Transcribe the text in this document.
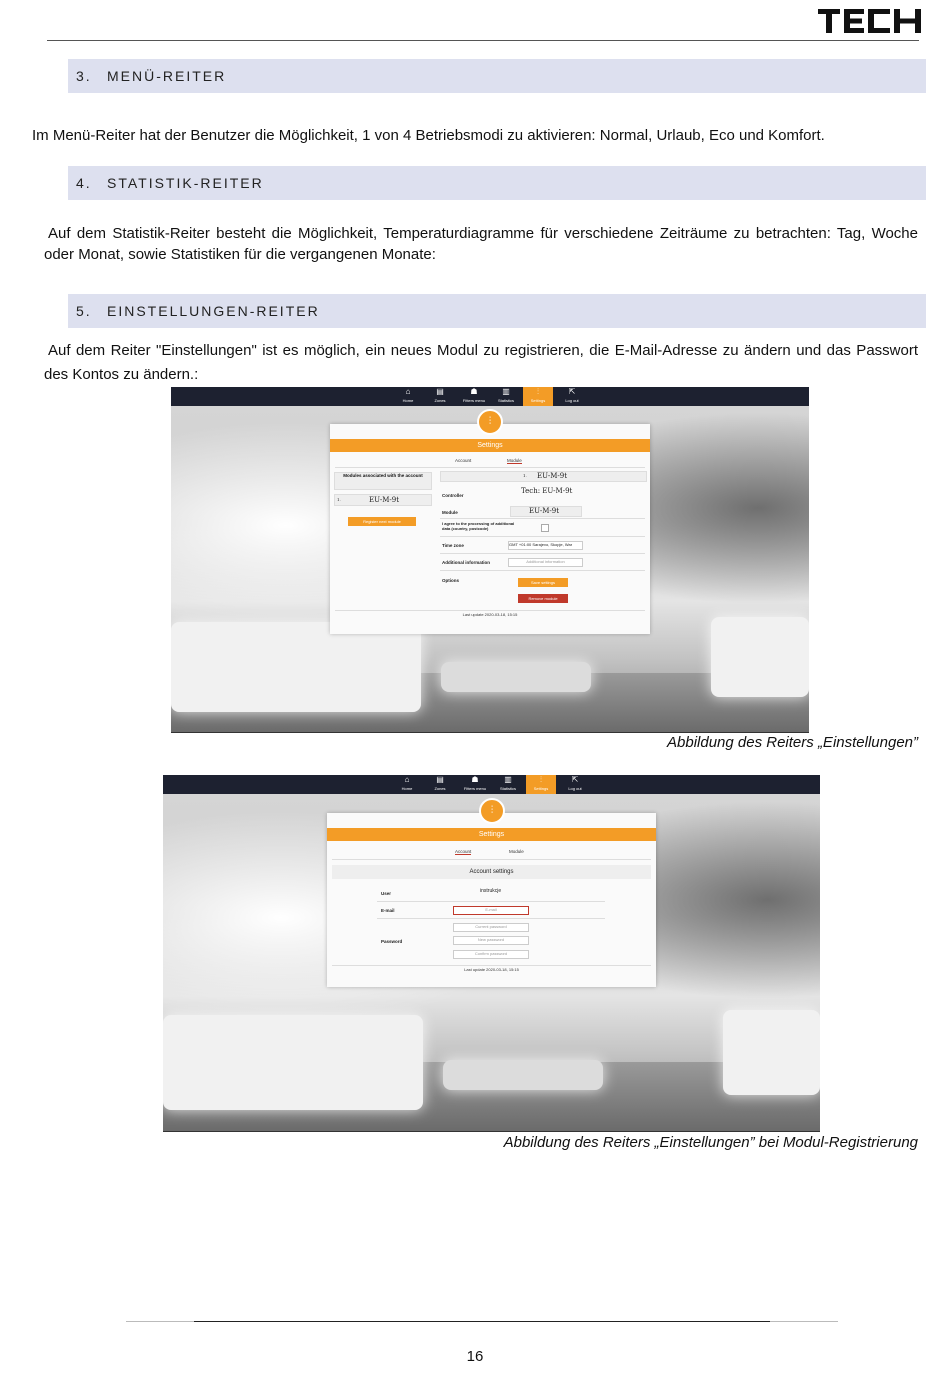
3. MENÜ-REITER
Im Menü-Reiter hat der Benutzer die Möglichkeit, 1 von 4 Betriebsmodi zu aktivieren: Normal, Urlaub, Eco und Komfort.
4. STATISTIK-REITER
Auf dem Statistik-Reiter besteht die Möglichkeit, Temperaturdiagramme für verschiedene Zeiträume zu betrachten: Tag, Woche oder Monat, sowie Statistiken für die vergangenen Monate:
5. EINSTELLUNGEN-REITER
Auf dem Reiter "Einstellungen" ist es möglich, ein neues Modul zu registrieren, die E-Mail-Adresse zu ändern und das Passwort des Kontos zu ändern.:
⌂
Home
▤
Zones
☗
Fitters menu
▥
Statistics
⫶
Settings
⇱
Log out
Settings
Account	Module
Modules associated with the account
1.	EU-M-9t
Register next module
1. EU-M-9t
Controller
Tech: EU-M-9t
EU-M-9t
Module
I agree to the processing of additional data (country, postcode)
Time zone	GMT +01:00 Sarajevo, Skopje, War
Additional information	Additional information
Options	Save settings
Remove module
Last update 2020-03-18, 15:15
⫶
Abbildung des Reiters „Einstellungen”
⌂
Home
▤
Zones
☗
Fitters menu
▥
Statistics
⫶
Settings
⇱
Log out
Settings
Account	Module
Account settings
User	instrukcje
E-mail	E-mail
Current password
Password	New password
Confirm password
Last update 2020-03-18, 15:15
⫶
Abbildung des Reiters „Einstellungen” bei Modul-Registrierung
16
